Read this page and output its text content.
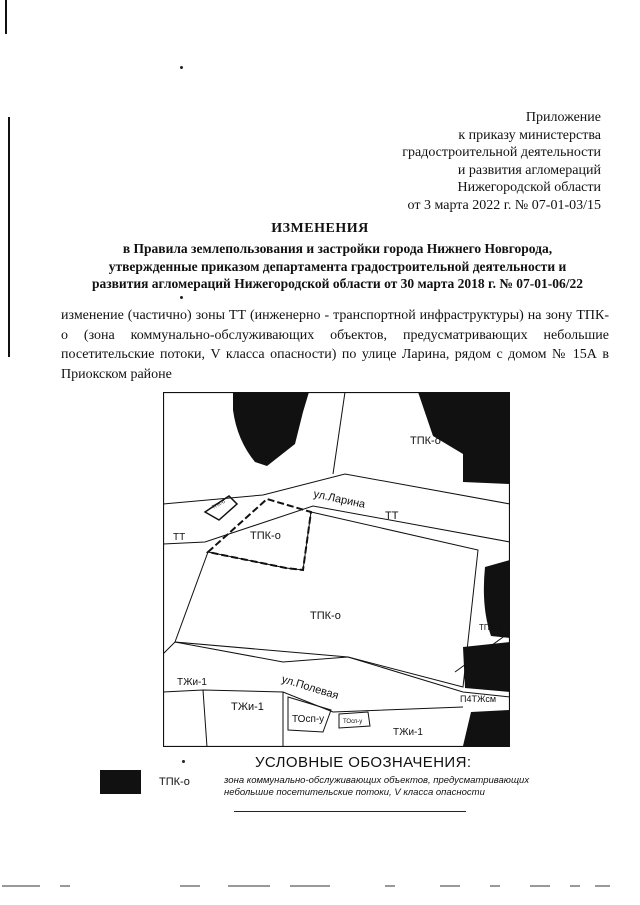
Приложение
к приказу министерства
градостроительной деятельности
и развития агломераций
Нижегородской области
от 3 марта 2022 г. № 07-01-03/15
ИЗМЕНЕНИЯ
в Правила землепользования и застройки города Нижнего Новгорода,
утвержденные приказом департамента градостроительной деятельности и
развития агломераций Нижегородской области от 30 марта 2018 г. № 07-01-06/22
изменение (частично) зоны ТТ (инженерно - транспортной инфраструктуры) на зону ТПК-о (зона коммунально-обслуживающих объектов, предусматривающих небольшие посетительские потоки, V класса опасности) по улице Ларина, рядом с домом № 15А в Приокском районе
ТПК-о
ул.Ларина
ТТ
ТТ
ТПК-о
ТПК-о
ТПК-о
ТПК-о
ТЖи-1	ул.Полевая
ТЖи-1
ТОсп-у	ТОсп-у
ТЖи-1
П4ТЖсм
УСЛОВНЫЕ ОБОЗНАЧЕНИЯ:
ТПК-о	зона коммунально-обслуживающих объектов, предусматривающих
небольшие посетительские потоки, V класса опасности
